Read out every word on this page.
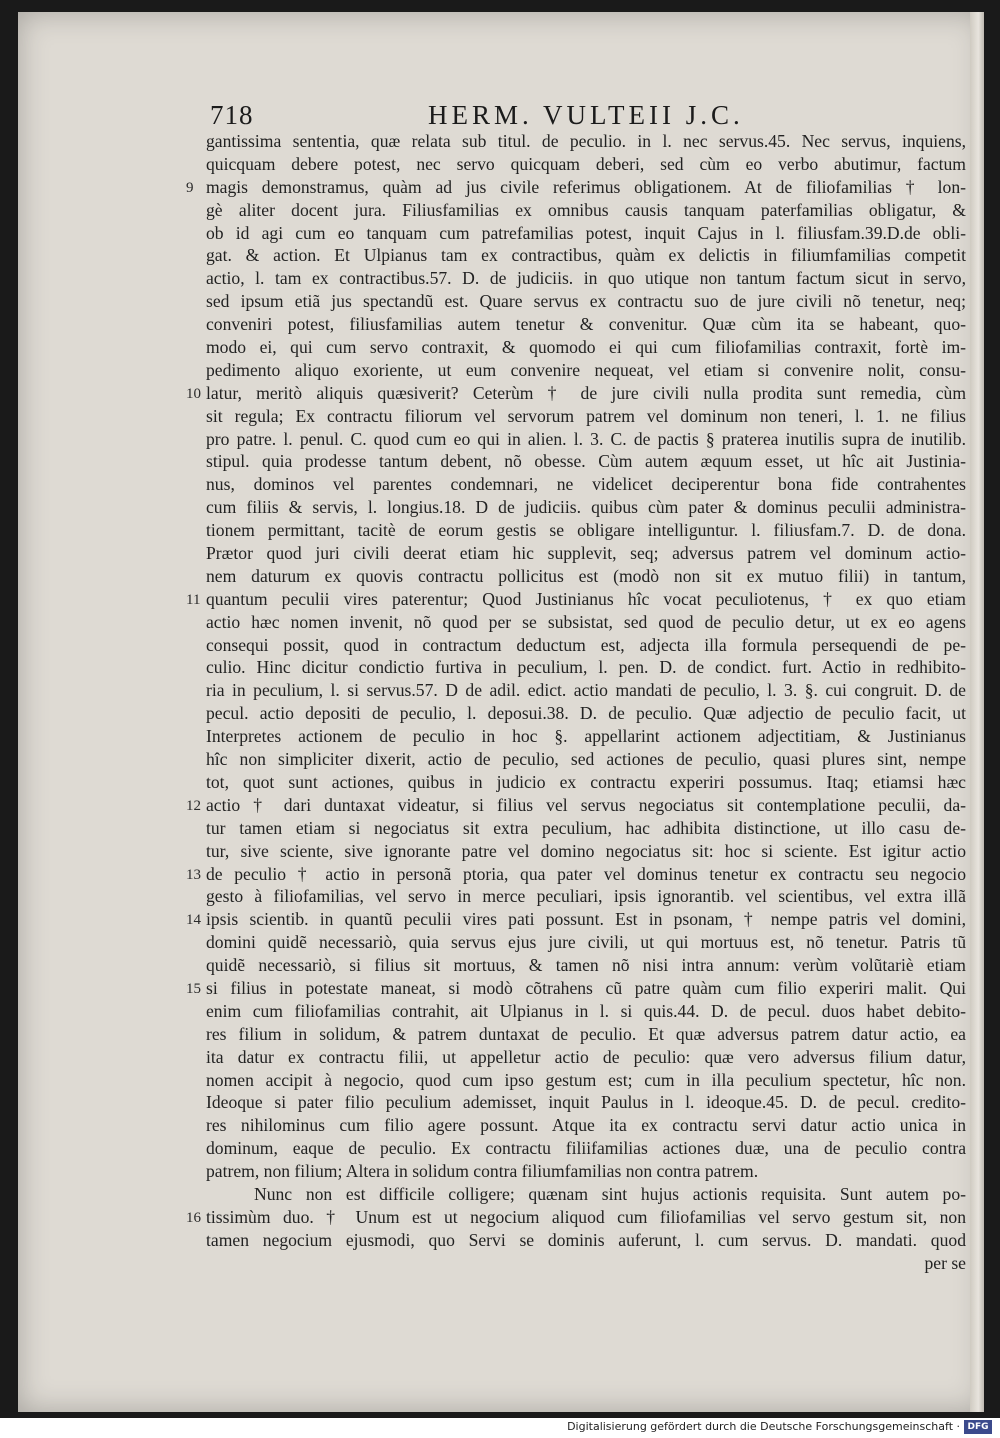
718	HERM. VULTEII J.C.
gantissima sententia, quæ relata sub titul. de peculio. in l. nec servus.45. Nec servus, inquiens,
quicquam debere potest, nec servo quicquam deberi, sed cùm eo verbo abutimur, factum
magis demonstramus, quàm ad jus civile referimus obligationem. At de filiofamilias † lon-
9
gè aliter docent jura. Filiusfamilias ex omnibus causis tanquam paterfamilias obligatur, &
ob id agi cum eo tanquam cum patrefamilias potest, inquit Cajus in l. filiusfam.39.D.de obli-
gat. & action. Et Ulpianus tam ex contractibus, quàm ex delictis in filiumfamilias competit
actio, l. tam ex contractibus.57. D. de judiciis. in quo utique non tantum factum sicut in servo,
sed ipsum etiã jus spectandũ est. Quare servus ex contractu suo de jure civili nõ tenetur, neq;
conveniri potest, filiusfamilias autem tenetur & convenitur. Quæ cùm ita se habeant, quo-
modo ei, qui cum servo contraxit, & quomodo ei qui cum filiofamilias contraxit, fortè im-
pedimento aliquo exoriente, ut eum convenire nequeat, vel etiam si convenire nolit, consu-
latur, meritò aliquis quæsiverit? Ceterùm † de jure civili nulla prodita sunt remedia, cùm
10
sit regula; Ex contractu filiorum vel servorum patrem vel dominum non teneri, l. 1. ne filius
pro patre. l. penul. C. quod cum eo qui in alien. l. 3. C. de pactis § praterea inutilis supra de inutilib.
stipul. quia prodesse tantum debent, nõ obesse. Cùm autem æquum esset, ut hîc ait Justinia-
nus, dominos vel parentes condemnari, ne videlicet deciperentur bona fide contrahentes
cum filiis & servis, l. longius.18. D de judiciis. quibus cùm pater & dominus peculii administra-
tionem permittant, tacitè de eorum gestis se obligare intelliguntur. l. filiusfam.7. D. de dona.
Prætor quod juri civili deerat etiam hic supplevit, seq; adversus patrem vel dominum actio-
nem daturum ex quovis contractu pollicitus est (modò non sit ex mutuo filii) in tantum,
quantum peculii vires paterentur; Quod Justinianus hîc vocat peculiotenus, † ex quo etiam
11
actio hæc nomen invenit, nõ quod per se subsistat, sed quod de peculio detur, ut ex eo agens
consequi possit, quod in contractum deductum est, adjecta illa formula persequendi de pe-
culio. Hinc dicitur condictio furtiva in peculium, l. pen. D. de condict. furt. Actio in redhibito-
ria in peculium, l. si servus.57. D de adil. edict. actio mandati de peculio, l. 3. §. cui congruit. D. de
pecul. actio depositi de peculio, l. deposui.38. D. de peculio. Quæ adjectio de peculio facit, ut
Interpretes actionem de peculio in hoc §. appellarint actionem adjectitiam, & Justinianus
hîc non simpliciter dixerit, actio de peculio, sed actiones de peculio, quasi plures sint, nempe
tot, quot sunt actiones, quibus in judicio ex contractu experiri possumus. Itaq; etiamsi hæc
actio † dari duntaxat videatur, si filius vel servus negociatus sit contemplatione peculii, da-
12
tur tamen etiam si negociatus sit extra peculium, hac adhibita distinctione, ut illo casu de-
tur, sive sciente, sive ignorante patre vel domino negociatus sit: hoc si sciente. Est igitur actio
de peculio † actio in personã ptoria, qua pater vel dominus tenetur ex contractu seu negocio
13
gesto à filiofamilias, vel servo in merce peculiari, ipsis ignorantib. vel scientibus, vel extra illã
ipsis scientib. in quantũ peculii vires pati possunt. Est in psonam, † nempe patris vel domini,
14
domini quidẽ necessariò, quia servus ejus jure civili, ut qui mortuus est, nõ tenetur. Patris tũ
quidẽ necessariò, si filius sit mortuus, & tamen nõ nisi intra annum: verùm volũtariè etiam
si filius in potestate maneat, si modò cõtrahens cũ patre quàm cum filio experiri malit. Qui
15
enim cum filiofamilias contrahit, ait Ulpianus in l. si quis.44. D. de pecul. duos habet debito-
res filium in solidum, & patrem duntaxat de peculio. Et quæ adversus patrem datur actio, ea
ita datur ex contractu filii, ut appelletur actio de peculio: quæ vero adversus filium datur,
nomen accipit à negocio, quod cum ipso gestum est; cum in illa peculium spectetur, hîc non.
Ideoque si pater filio peculium ademisset, inquit Paulus in l. ideoque.45. D. de pecul. credito-
res nihilominus cum filio agere possunt. Atque ita ex contractu servi datur actio unica in
dominum, eaque de peculio. Ex contractu filiifamilias actiones duæ, una de peculio contra
patrem, non filium; Altera in solidum contra filiumfamilias non contra patrem.
Nunc non est difficile colligere; quænam sint hujus actionis requisita. Sunt autem po-
tissimùm duo. † Unum est ut negocium aliquod cum filiofamilias vel servo gestum sit, non
16
tamen negocium ejusmodi, quo Servi se dominis auferunt, l. cum servus. D. mandati. quod
per se
Digitalisierung gefördert durch die Deutsche Forschungsgemeinschaft · DFG
